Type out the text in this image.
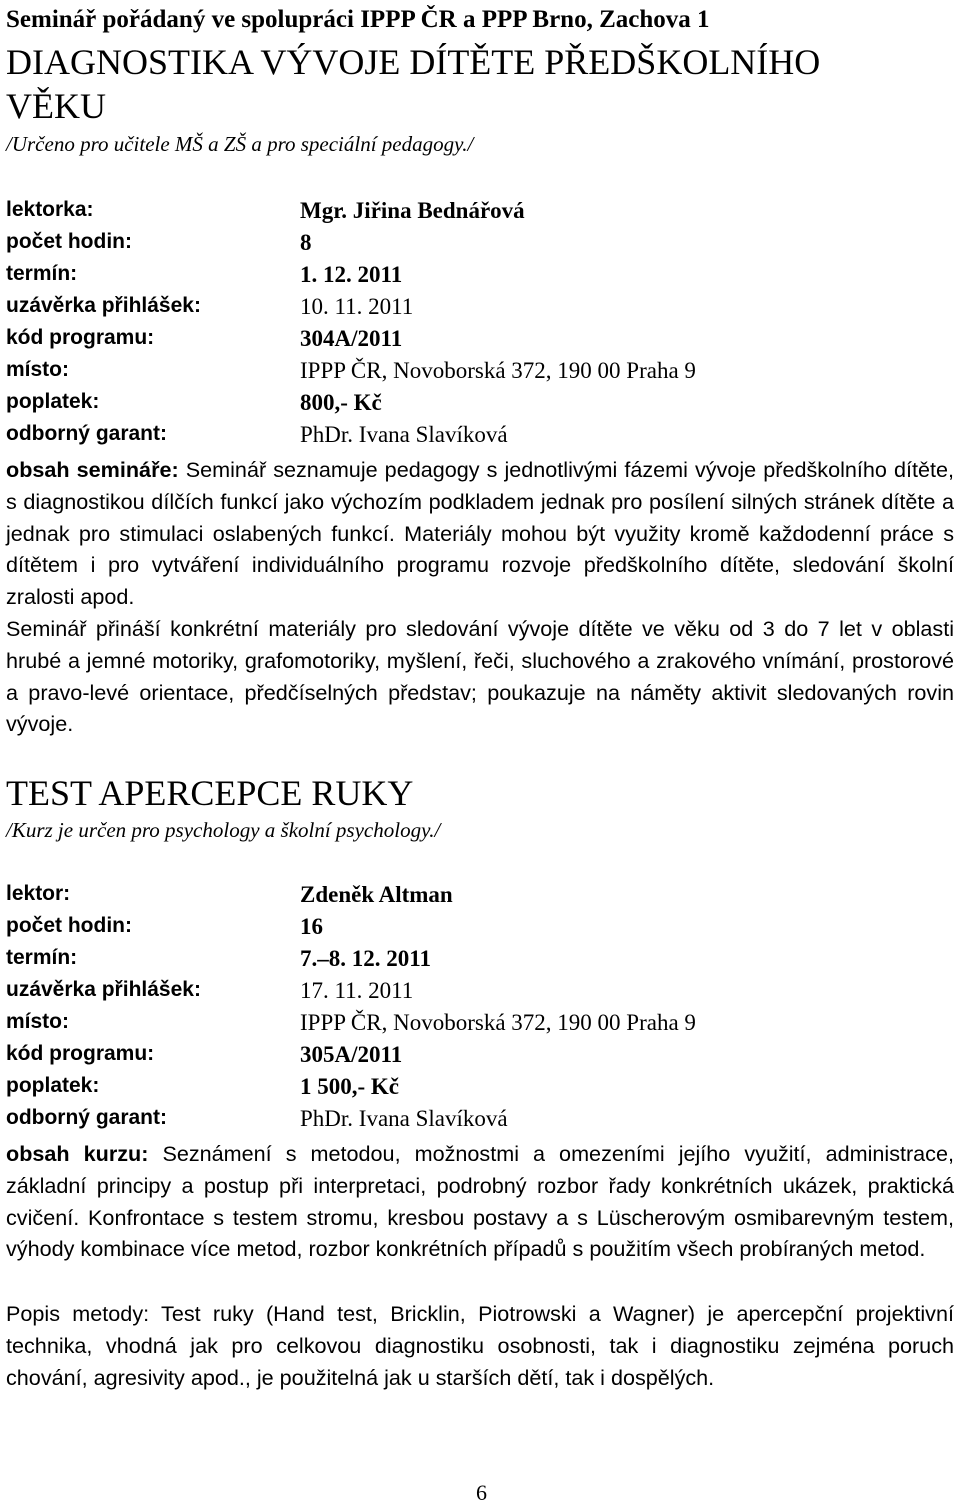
Seminář pořádaný ve spolupráci IPPP ČR a PPP Brno, Zachova 1
DIAGNOSTIKA VÝVOJE DÍTĚTE PŘEDŠKOLNÍHO
VĚKU
/Určeno pro učitele MŠ a ZŠ a pro speciální pedagogy./
lektorka:	Mgr. Jiřina Bednářová
počet hodin:	8
termín:	1. 12. 2011
uzávěrka přihlášek:	10. 11. 2011
kód programu:	304A/2011
místo:	IPPP ČR, Novoborská 372, 190 00 Praha 9
poplatek:	800,- Kč
odborný garant:	PhDr. Ivana Slavíková
obsah semináře: Seminář seznamuje pedagogy s jednotlivými fázemi vývoje předškolního dítěte, s diagnostikou dílčích funkcí jako výchozím podkladem jednak pro posílení silných stránek dítěte a jednak pro stimulaci oslabených funkcí. Materiály mohou být využity kromě každodenní práce s dítětem i pro vytváření individuálního programu rozvoje předškolního dítěte, sledování školní zralosti apod.
Seminář přináší konkrétní materiály pro sledování vývoje dítěte ve věku od 3 do 7 let v oblasti hrubé a jemné motoriky, grafomotoriky, myšlení, řeči, sluchového a zrakového vnímání, prostorové a pravo-levé orientace, předčíselných představ; poukazuje na náměty aktivit sledovaných rovin vývoje.
TEST APERCEPCE RUKY
/Kurz je určen pro psychology a školní psychology./
lektor:	Zdeněk Altman
počet hodin:	16
termín:	7.–8. 12. 2011
uzávěrka přihlášek:	17. 11. 2011
místo:	IPPP ČR, Novoborská 372, 190 00 Praha 9
kód programu:	305A/2011
poplatek:	1 500,- Kč
odborný garant:	PhDr. Ivana Slavíková
obsah kurzu: Seznámení s metodou, možnostmi a omezeními jejího využití, administrace, základní principy a postup při interpretaci, podrobný rozbor řady konkrétních ukázek, praktická cvičení. Konfrontace s testem stromu, kresbou postavy a s Lüscherovým osmibarevným testem, výhody kombinace více metod, rozbor konkrétních případů s použitím všech probíraných metod.
Popis metody: Test ruky (Hand test, Bricklin, Piotrowski a Wagner) je apercepční projektivní technika, vhodná jak pro celkovou diagnostiku osobnosti, tak i diagnostiku zejména poruch chování, agresivity apod., je použitelná jak u starších dětí, tak i dospělých.
6
